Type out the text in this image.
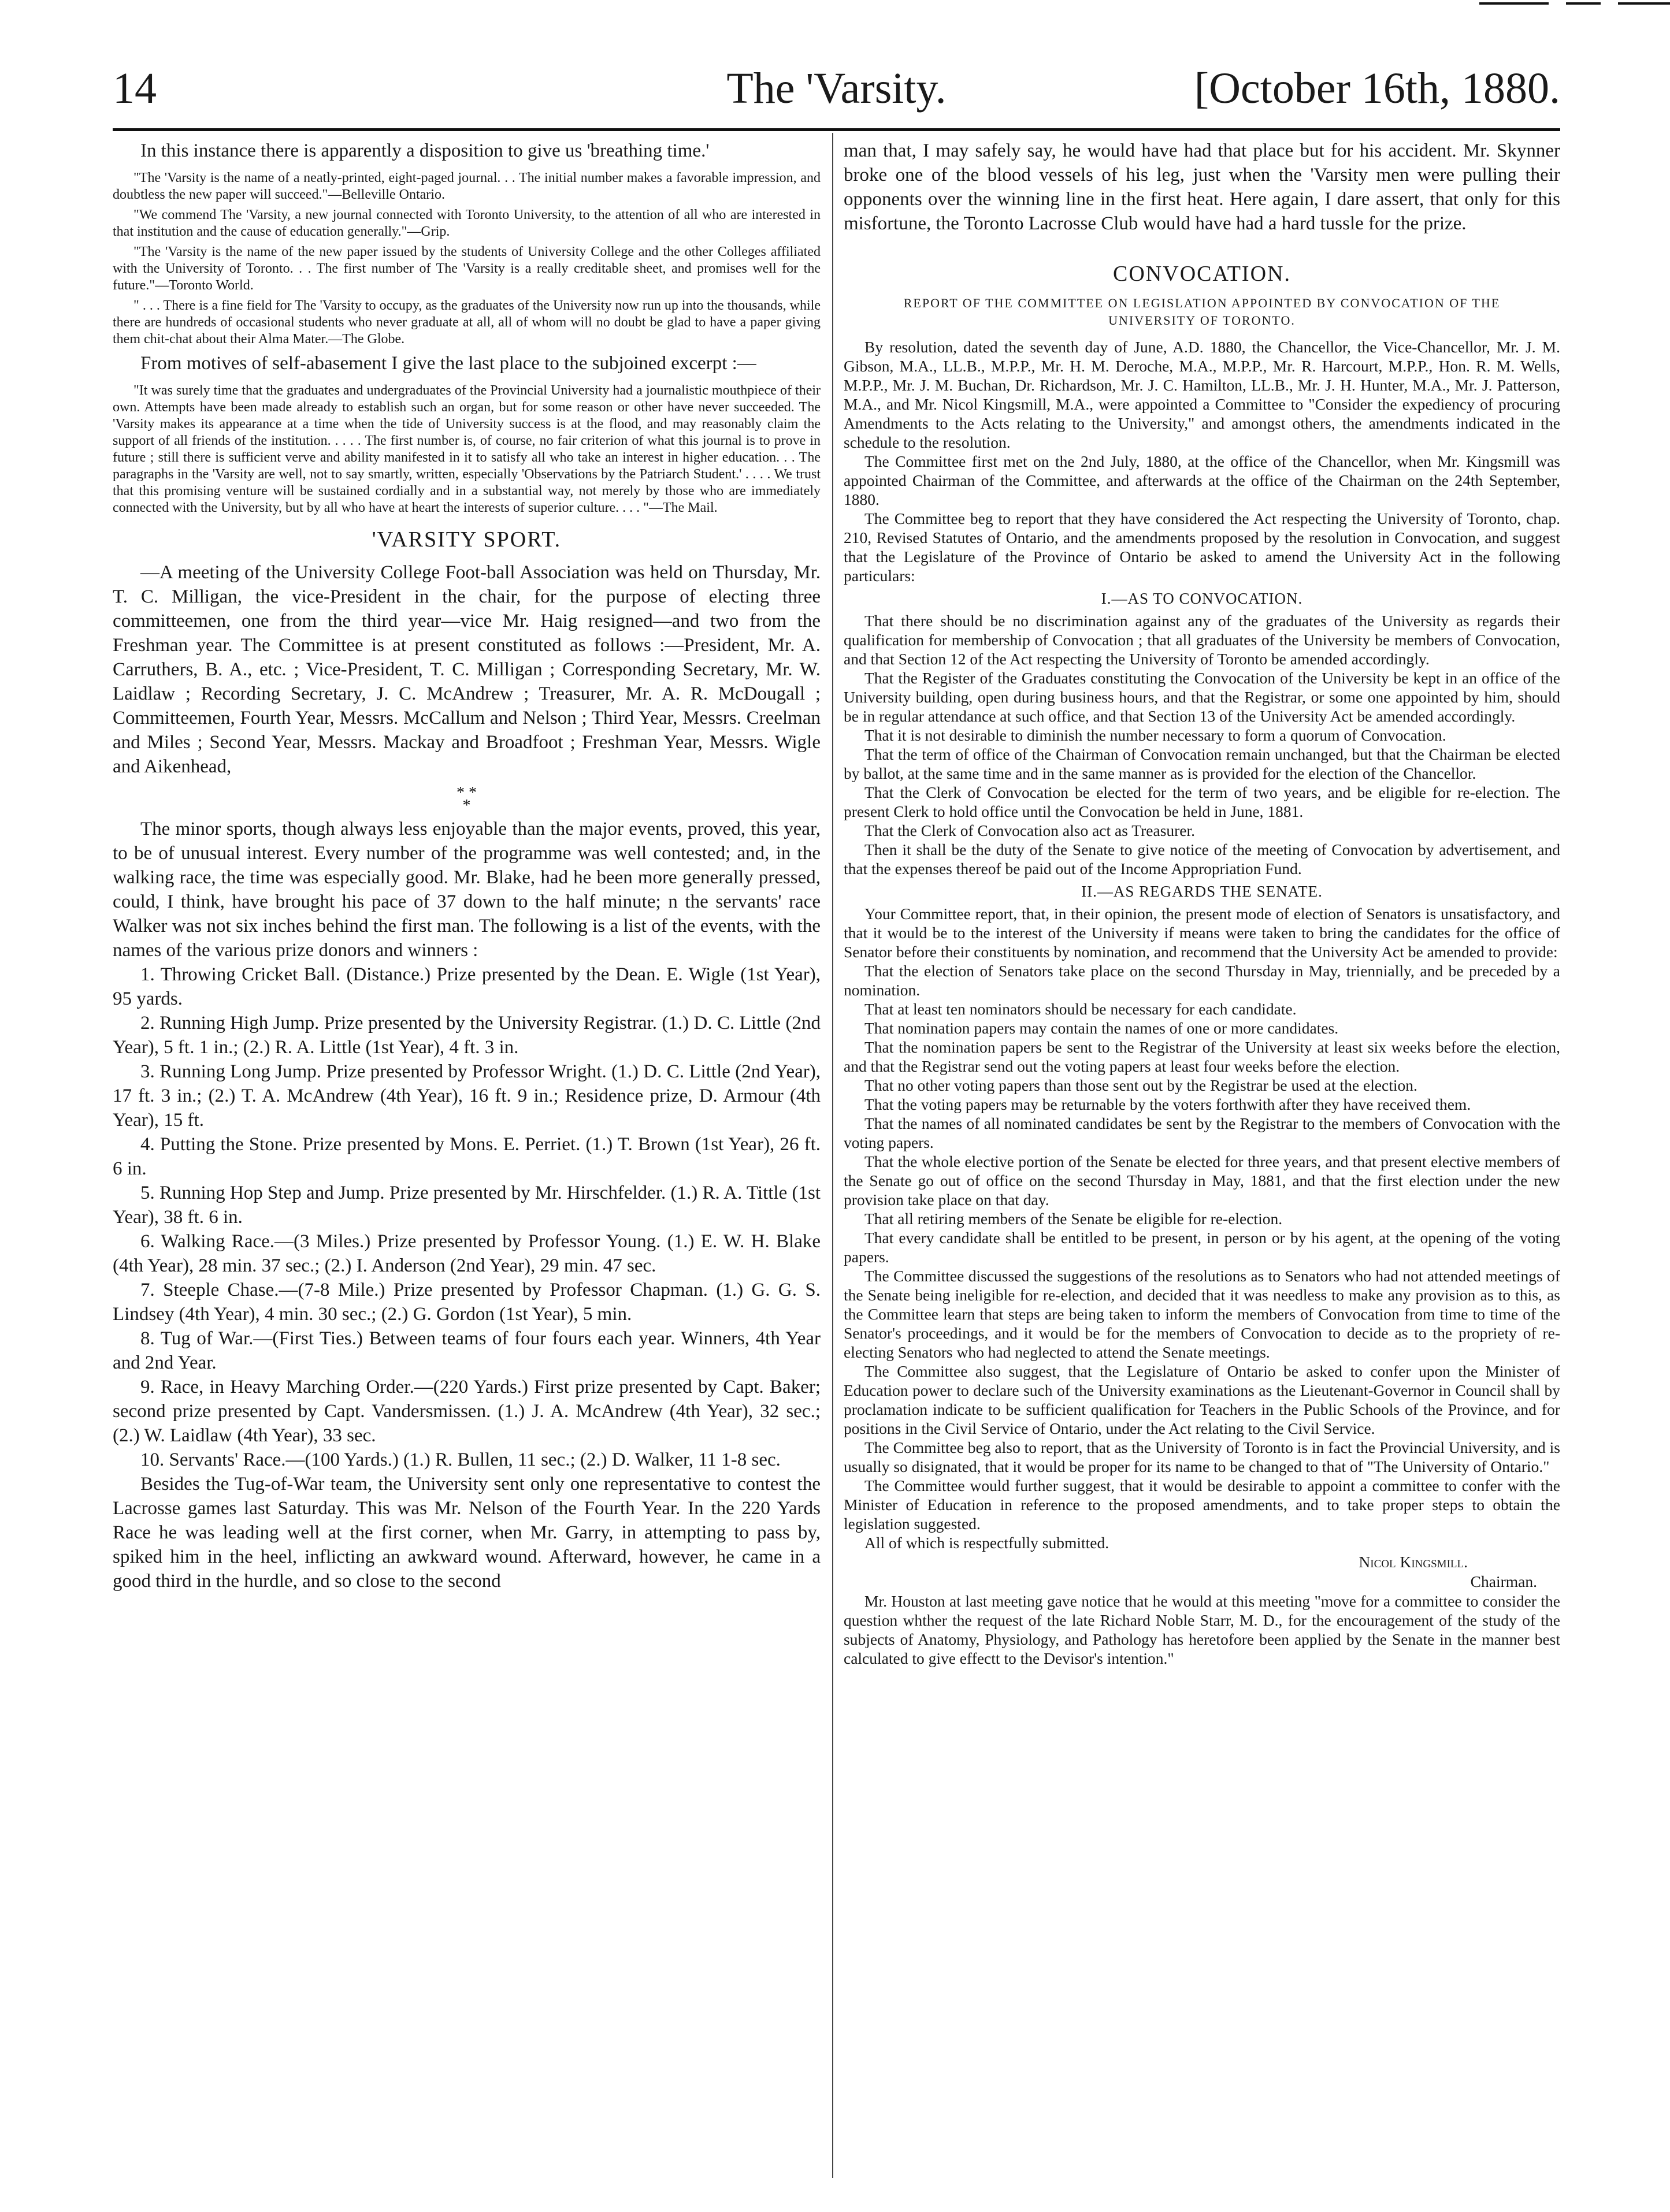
14	The 'Varsity.	[October 16th, 1880.

In this instance there is apparently a disposition to give us 'breathing time.'

"The 'Varsity is the name of a neatly-printed, eight-paged journal. . . The initial number makes a favorable impression, and doubtless the new paper will succeed."—Belleville Ontario.

"We commend The 'Varsity, a new journal connected with Toronto University, to the attention of all who are interested in that institution and the cause of education generally."—Grip.

"The 'Varsity is the name of the new paper issued by the students of University College and the other Colleges affiliated with the University of Toronto. . . The first number of The 'Varsity is a really creditable sheet, and promises well for the future."—Toronto World.

" . . . There is a fine field for The 'Varsity to occupy, as the graduates of the University now run up into the thousands, while there are hundreds of occasional students who never graduate at all, all of whom will no doubt be glad to have a paper giving them chit-chat about their Alma Mater.—The Globe.

From motives of self-abasement I give the last place to the subjoined excerpt :—

"It was surely time that the graduates and undergraduates of the Provincial University had a journalistic mouthpiece of their own. Attempts have been made already to establish such an organ, but for some reason or other have never succeeded. The 'Varsity makes its appearance at a time when the tide of University success is at the flood, and may reasonably claim the support of all friends of the institution. . . . . The first number is, of course, no fair criterion of what this journal is to prove in future ; still there is sufficient verve and ability manifested in it to satisfy all who take an interest in higher education. . . The paragraphs in the 'Varsity are well, not to say smartly, written, especially 'Observations by the Patriarch Student.' . . . . We trust that this promising venture will be sustained cordially and in a substantial way, not merely by those who are immediately connected with the University, but by all who have at heart the interests of superior culture. . . . "—The Mail.

'VARSITY SPORT.

—A meeting of the University College Foot-ball Association was held on Thursday, Mr. T. C. Milligan, the vice-President in the chair, for the purpose of electing three committeemen, one from the third year—vice Mr. Haig resigned—and two from the Freshman year. The Committee is at present constituted as follows :—President, Mr. A. Carruthers, B. A., etc. ; Vice-President, T. C. Milligan ; Corresponding Secretary, Mr. W. Laidlaw ; Recording Secretary, J. C. McAndrew ; Treasurer, Mr. A. R. McDougall ; Committeemen, Fourth Year, Messrs. McCallum and Nelson ; Third Year, Messrs. Creelman and Miles ; Second Year, Messrs. Mackay and Broadfoot ; Freshman Year, Messrs. Wigle and Aikenhead,

* *
*

The minor sports, though always less enjoyable than the major events, proved, this year, to be of unusual interest. Every number of the programme was well contested; and, in the walking race, the time was especially good. Mr. Blake, had he been more generally pressed, could, I think, have brought his pace of 37 down to the half minute; n the servants' race Walker was not six inches behind the first man. The following is a list of the events, with the names of the various prize donors and winners :

1. Throwing Cricket Ball. (Distance.) Prize presented by the Dean. E. Wigle (1st Year), 95 yards.

2. Running High Jump. Prize presented by the University Registrar. (1.) D. C. Little (2nd Year), 5 ft. 1 in.; (2.) R. A. Little (1st Year), 4 ft. 3 in.

3. Running Long Jump. Prize presented by Professor Wright. (1.) D. C. Little (2nd Year), 17 ft. 3 in.; (2.) T. A. McAndrew (4th Year), 16 ft. 9 in.; Residence prize, D. Armour (4th Year), 15 ft.

4. Putting the Stone. Prize presented by Mons. E. Perriet. (1.) T. Brown (1st Year), 26 ft. 6 in.

5. Running Hop Step and Jump. Prize presented by Mr. Hirschfelder. (1.) R. A. Tittle (1st Year), 38 ft. 6 in.

6. Walking Race.—(3 Miles.) Prize presented by Professor Young. (1.) E. W. H. Blake (4th Year), 28 min. 37 sec.; (2.) I. Anderson (2nd Year), 29 min. 47 sec.

7. Steeple Chase.—(7-8 Mile.) Prize presented by Professor Chapman. (1.) G. G. S. Lindsey (4th Year), 4 min. 30 sec.; (2.) G. Gordon (1st Year), 5 min.

8. Tug of War.—(First Ties.) Between teams of four fours each year. Winners, 4th Year and 2nd Year.

9. Race, in Heavy Marching Order.—(220 Yards.) First prize presented by Capt. Baker; second prize presented by Capt. Vandersmissen. (1.) J. A. McAndrew (4th Year), 32 sec.; (2.) W. Laidlaw (4th Year), 33 sec.

10. Servants' Race.—(100 Yards.) (1.) R. Bullen, 11 sec.; (2.) D. Walker, 11 1-8 sec.

Besides the Tug-of-War team, the University sent only one representative to contest the Lacrosse games last Saturday. This was Mr. Nelson of the Fourth Year. In the 220 Yards Race he was leading well at the first corner, when Mr. Garry, in attempting to pass by, spiked him in the heel, inflicting an awkward wound. Afterward, however, he came in a good third in the hurdle, and so close to the second

man that, I may safely say, he would have had that place but for his accident. Mr. Skynner broke one of the blood vessels of his leg, just when the 'Varsity men were pulling their opponents over the winning line in the first heat. Here again, I dare assert, that only for this misfortune, the Toronto Lacrosse Club would have had a hard tussle for the prize.

CONVOCATION.
REPORT OF THE COMMITTEE ON LEGISLATION APPOINTED BY CONVOCATION OF THE UNIVERSITY OF TORONTO.

By resolution, dated the seventh day of June, A.D. 1880, the Chancellor, the Vice-Chancellor, Mr. J. M. Gibson, M.A., LL.B., M.P.P., Mr. H. M. Deroche, M.A., M.P.P., Mr. R. Harcourt, M.P.P., Hon. R. M. Wells, M.P.P., Mr. J. M. Buchan, Dr. Richardson, Mr. J. C. Hamilton, LL.B., Mr. J. H. Hunter, M.A., Mr. J. Patterson, M.A., and Mr. Nicol Kingsmill, M.A., were appointed a Committee to "Consider the expediency of procuring Amendments to the Acts relating to the University," and amongst others, the amendments indicated in the schedule to the resolution.

The Committee first met on the 2nd July, 1880, at the office of the Chancellor, when Mr. Kingsmill was appointed Chairman of the Committee, and afterwards at the office of the Chairman on the 24th September, 1880.

The Committee beg to report that they have considered the Act respecting the University of Toronto, chap. 210, Revised Statutes of Ontario, and the amendments proposed by the resolution in Convocation, and suggest that the Legislature of the Province of Ontario be asked to amend the University Act in the following particulars:

I.—AS TO CONVOCATION.

That there should be no discrimination against any of the graduates of the University as regards their qualification for membership of Convocation ; that all graduates of the University be members of Convocation, and that Section 12 of the Act respecting the University of Toronto be amended accordingly.

That the Register of the Graduates constituting the Convocation of the University be kept in an office of the University building, open during business hours, and that the Registrar, or some one appointed by him, should be in regular attendance at such office, and that Section 13 of the University Act be amended accordingly.

That it is not desirable to diminish the number necessary to form a quorum of Convocation.

That the term of office of the Chairman of Convocation remain unchanged, but that the Chairman be elected by ballot, at the same time and in the same manner as is provided for the election of the Chancellor.

That the Clerk of Convocation be elected for the term of two years, and be eligible for re-election. The present Clerk to hold office until the Convocation be held in June, 1881.

That the Clerk of Convocation also act as Treasurer.

Then it shall be the duty of the Senate to give notice of the meeting of Convocation by advertisement, and that the expenses thereof be paid out of the Income Appropriation Fund.

II.—AS REGARDS THE SENATE.

Your Committee report, that, in their opinion, the present mode of election of Senators is unsatisfactory, and that it would be to the interest of the University if means were taken to bring the candidates for the office of Senator before their constituents by nomination, and recommend that the University Act be amended to provide:

That the election of Senators take place on the second Thursday in May, triennially, and be preceded by a nomination.

That at least ten nominators should be necessary for each candidate.

That nomination papers may contain the names of one or more candidates.

That the nomination papers be sent to the Registrar of the University at least six weeks before the election, and that the Registrar send out the voting papers at least four weeks before the election.

That no other voting papers than those sent out by the Registrar be used at the election.

That the voting papers may be returnable by the voters forthwith after they have received them.

That the names of all nominated candidates be sent by the Registrar to the members of Convocation with the voting papers.

That the whole elective portion of the Senate be elected for three years, and that present elective members of the Senate go out of office on the second Thursday in May, 1881, and that the first election under the new provision take place on that day.

That all retiring members of the Senate be eligible for re-election.

That every candidate shall be entitled to be present, in person or by his agent, at the opening of the voting papers.

The Committee discussed the suggestions of the resolutions as to Senators who had not attended meetings of the Senate being ineligible for re-election, and decided that it was needless to make any provision as to this, as the Committee learn that steps are being taken to inform the members of Convocation from time to time of the Senator's proceedings, and it would be for the members of Convocation to decide as to the propriety of re-electing Senators who had neglected to attend the Senate meetings.

The Committee also suggest, that the Legislature of Ontario be asked to confer upon the Minister of Education power to declare such of the University examinations as the Lieutenant-Governor in Council shall by proclamation indicate to be sufficient qualification for Teachers in the Public Schools of the Province, and for positions in the Civil Service of Ontario, under the Act relating to the Civil Service.

The Committee beg also to report, that as the University of Toronto is in fact the Provincial University, and is usually so disignated, that it would be proper for its name to be changed to that of "The University of Ontario."

The Committee would further suggest, that it would be desirable to appoint a committee to confer with the Minister of Education in reference to the proposed amendments, and to take proper steps to obtain the legislation suggested.

All of which is respectfully submitted.

Nicol Kingsmill.
Chairman.

Mr. Houston at last meeting gave notice that he would at this meeting "move for a committee to consider the question whther the request of the late Richard Noble Starr, M. D., for the encouragement of the study of the subjects of Anatomy, Physiology, and Pathology has heretofore been applied by the Senate in the manner best calculated to give effectt to the Devisor's intention."
